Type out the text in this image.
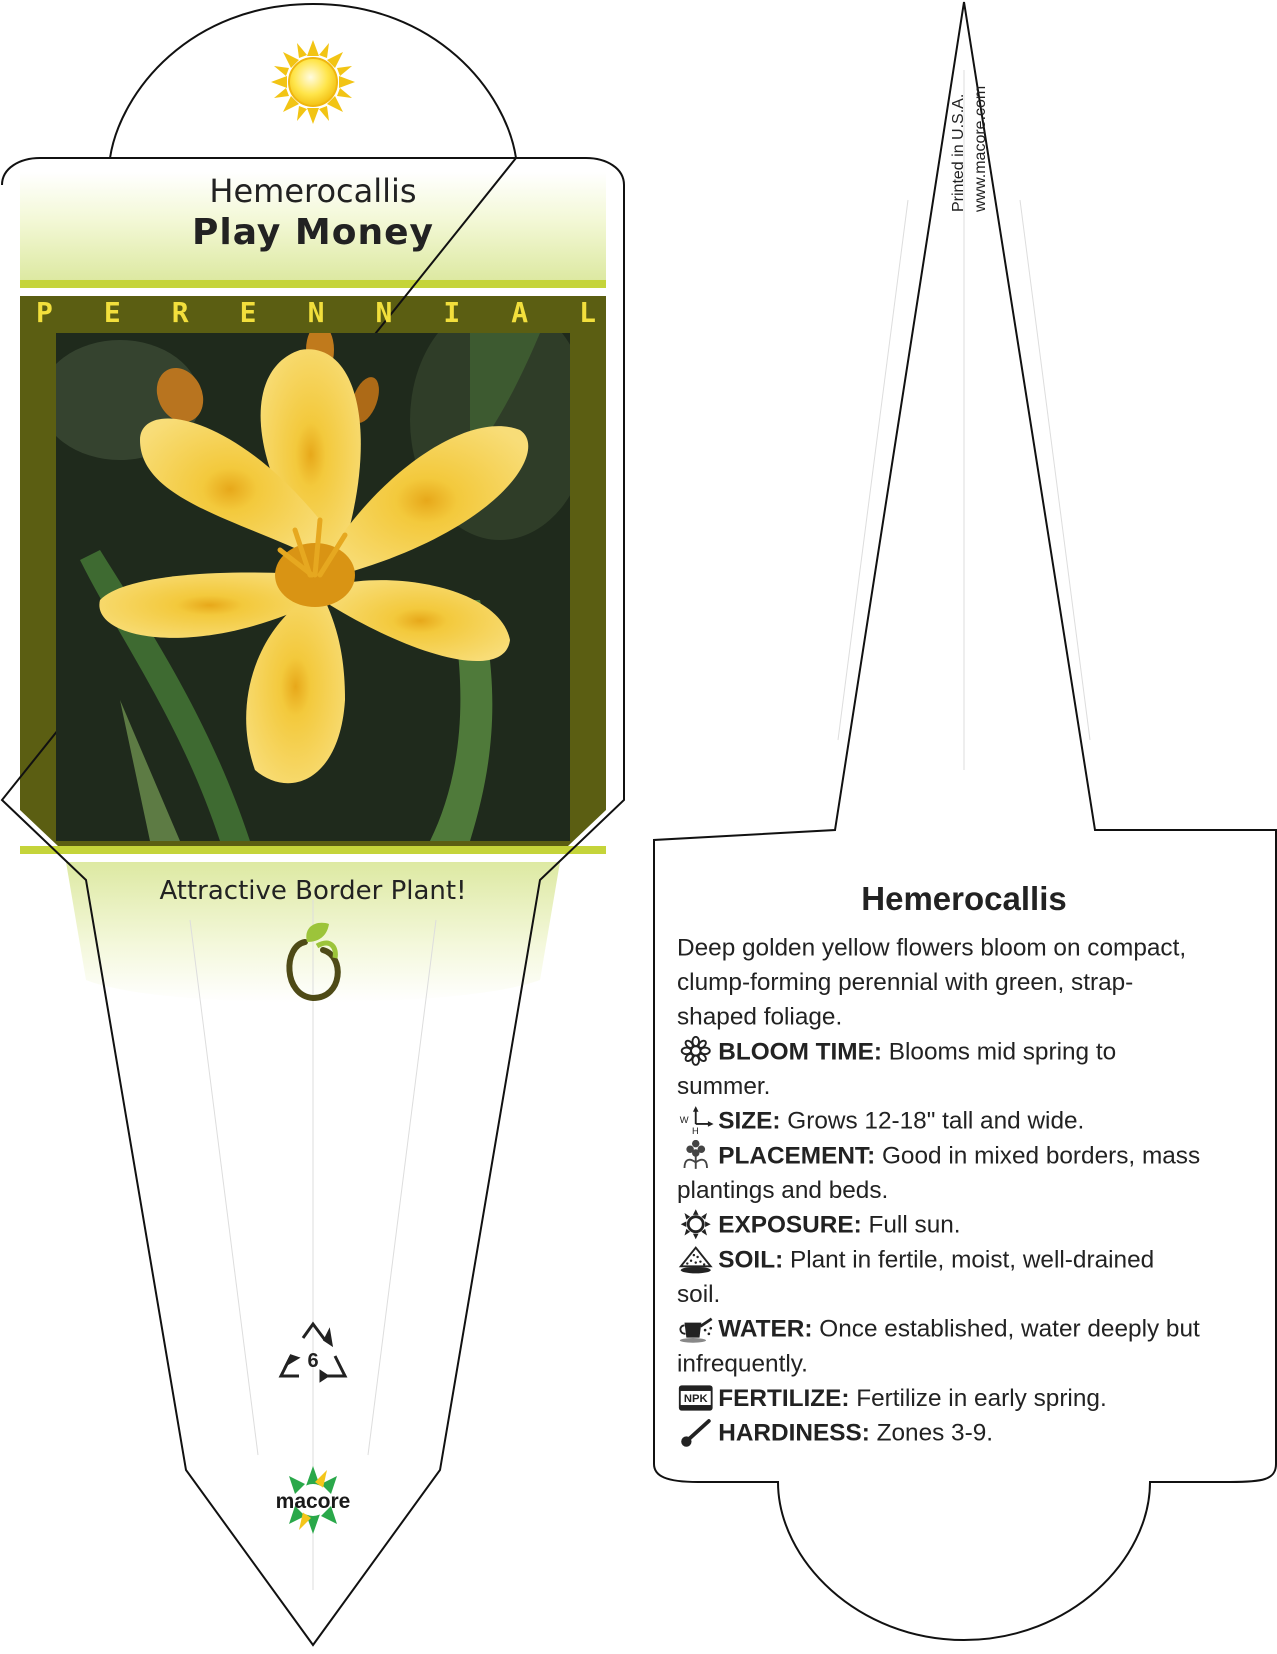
Hemerocallis
Play Money
P E R E N N I A L
Attractive Border Plant!
6
macore
Printed in U.S.A. www.macore.com
Hemerocallis

Deep golden yellow flowers bloom on compact, clump-forming perennial with green, strap-shaped foliage.

BLOOM TIME: Blooms mid spring to summer.
W
H SIZE: Grows 12-18" tall and wide.
PLACEMENT: Good in mixed borders, mass plantings and beds.
EXPOSURE: Full sun.
SOIL: Plant in fertile, moist, well-drained soil.
WATER: Once established, water deeply but infrequently.
NPK FERTILIZE: Fertilize in early spring.
HARDINESS: Zones 3-9.
